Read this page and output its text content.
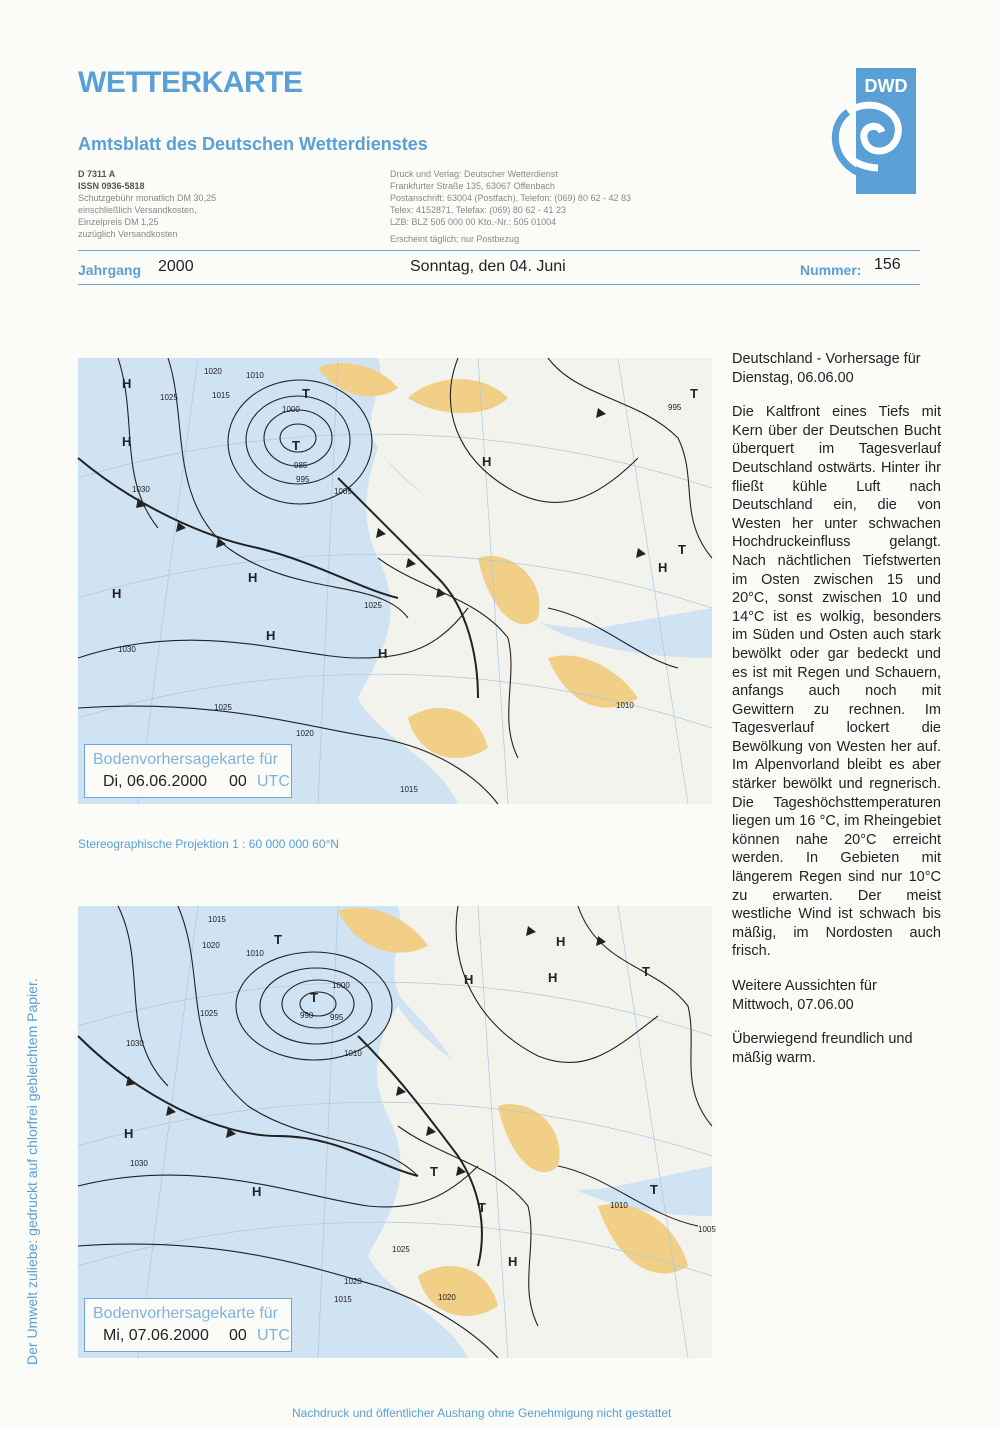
WETTERKARTE
Amtsblatt des Deutschen Wetterdienstes
D 7311 A
ISSN 0936-5818
Schutzgebühr monatlich DM 30,25
einschließlich Versandkosten,
Einzelpreis DM 1,25
zuzüglich Versandkosten
Druck und Verlag: Deutscher Wetterdienst
Frankfurter Straße 135, 63067 Offenbach
Postanschrift: 63004 (Postfach), Telefon: (069) 80 62 - 42 83
Telex: 4152871, Telefax: (069) 80 62 - 41 23
LZB: BLZ 505 000 00 Kto.-Nr.: 505 01004
Erscheint täglich; nur Postbezug
Jahrgang 2000	Sonntag, den 04. Juni	Nummer: 156
DWD
H
H	T
H
H
H
H
T
H
T
H
T
1020	1010
1025	1015
1000
985
995
1005
1030
1025
1030
1025
1020
1015
1010
995
Bodenvorhersagekarte für
Di, 06.06.2000 00 UTC
Stereographische Projektion 1 : 60 000 000 60°N
T
T
H
H
H
H
T
H
T
T
H
T
1015
1020
1010
1025	990 995
1000
1030
1030
1010
1020
1015
1025
1010
1005
1020
Bodenvorhersagekarte für
Mi, 07.06.2000 00 UTC

Deutschland - Vorhersage für Dienstag, 06.06.00

Die Kaltfront eines Tiefs mit Kern über der Deutschen Bucht überquert im Tagesverlauf Deutschland ostwärts. Hinter ihr fließt kühle Luft nach Deutschland ein, die von Westen her unter schwachen Hochdruckeinfluss gelangt. Nach nächtlichen Tiefstwerten im Osten zwischen 15 und 20°C, sonst zwischen 10 und 14°C ist es wolkig, besonders im Süden und Osten auch stark bewölkt oder gar bedeckt und es ist mit Regen und Schauern, anfangs auch noch mit Gewittern zu rechnen. Im Tagesverlauf lockert die Bewölkung von Westen her auf. Im Alpenvorland bleibt es aber stärker bewölkt und regnerisch. Die Tageshöchsttemperaturen liegen um 16 °C, im Rheingebiet können nahe 20°C erreicht werden. In Gebieten mit längerem Regen sind nur 10°C zu erwarten. Der meist westliche Wind ist schwach bis mäßig, im Nordosten auch frisch.

Weitere Aussichten für Mittwoch, 07.06.00

Überwiegend freundlich und mäßig warm.

Nachdruck und öffentlicher Aushang ohne Genehmigung nicht gestattet
Der Umwelt zuliebe: gedruckt auf chlorfrei gebleichtem Papier.
